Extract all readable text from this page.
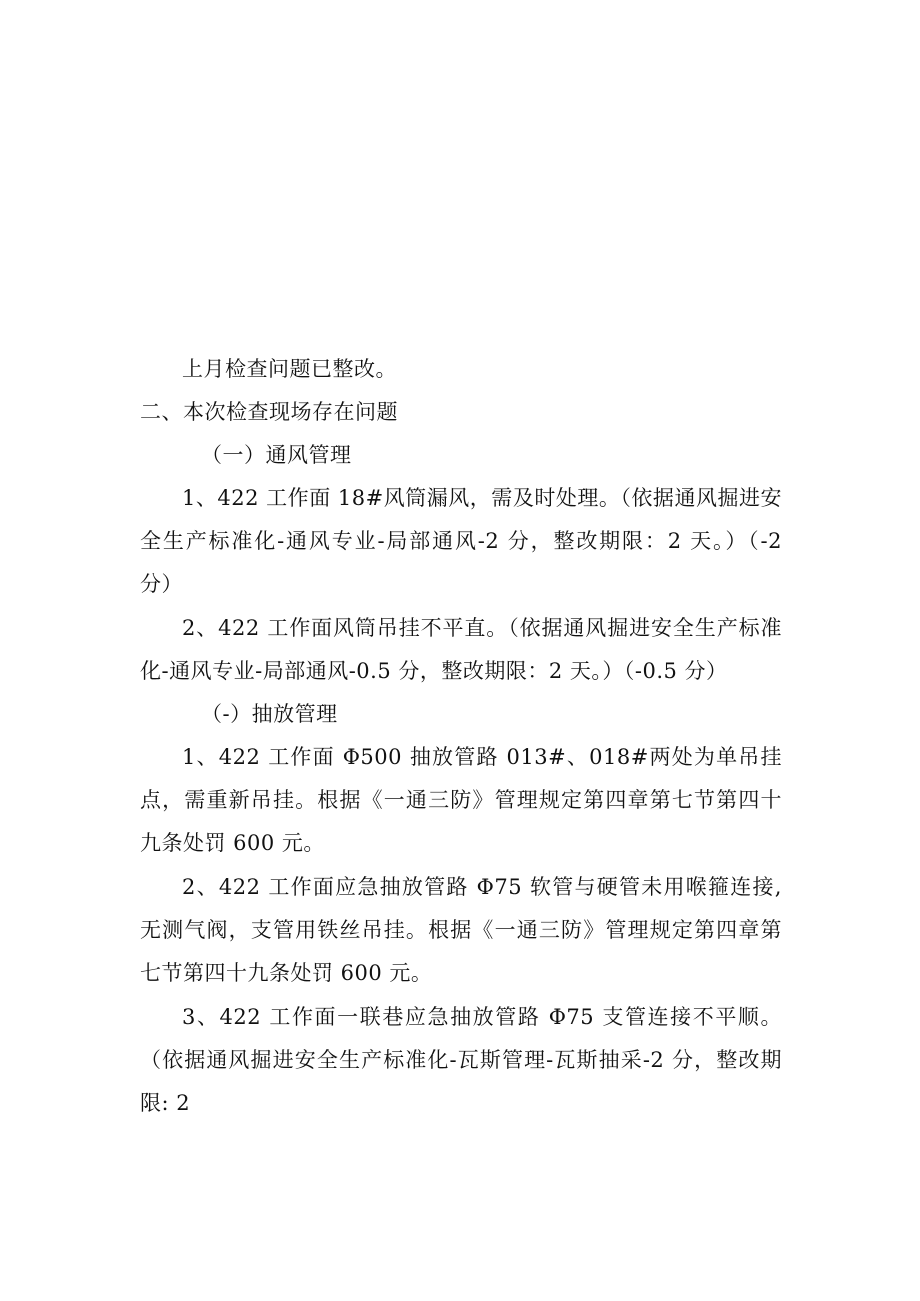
上月检查问题已整改。

二、本次检查现场存在问题

（一）通风管理

1、422 工作面 18#风筒漏风，需及时处理。（依据通风掘进安全生产标准化-通风专业-局部通风-2 分，整改期限：2 天。）（-2 分）

2、422 工作面风筒吊挂不平直。（依据通风掘进安全生产标准化-通风专业-局部通风-0.5 分，整改期限：2 天。）（-0.5 分）

（-）抽放管理

1、422 工作面 Φ500 抽放管路 013#、018#两处为单吊挂点，需重新吊挂。根据《一通三防》管理规定第四章第七节第四十九条处罚 600 元。

2、422 工作面应急抽放管路 Φ75 软管与硬管未用喉箍连接,无测气阀，支管用铁丝吊挂。根据《一通三防》管理规定第四章第七节第四十九条处罚 600 元。

3、422 工作面一联巷应急抽放管路 Φ75 支管连接不平顺。（依据通风掘进安全生产标准化-瓦斯管理-瓦斯抽采-2 分，整改期限: 2
